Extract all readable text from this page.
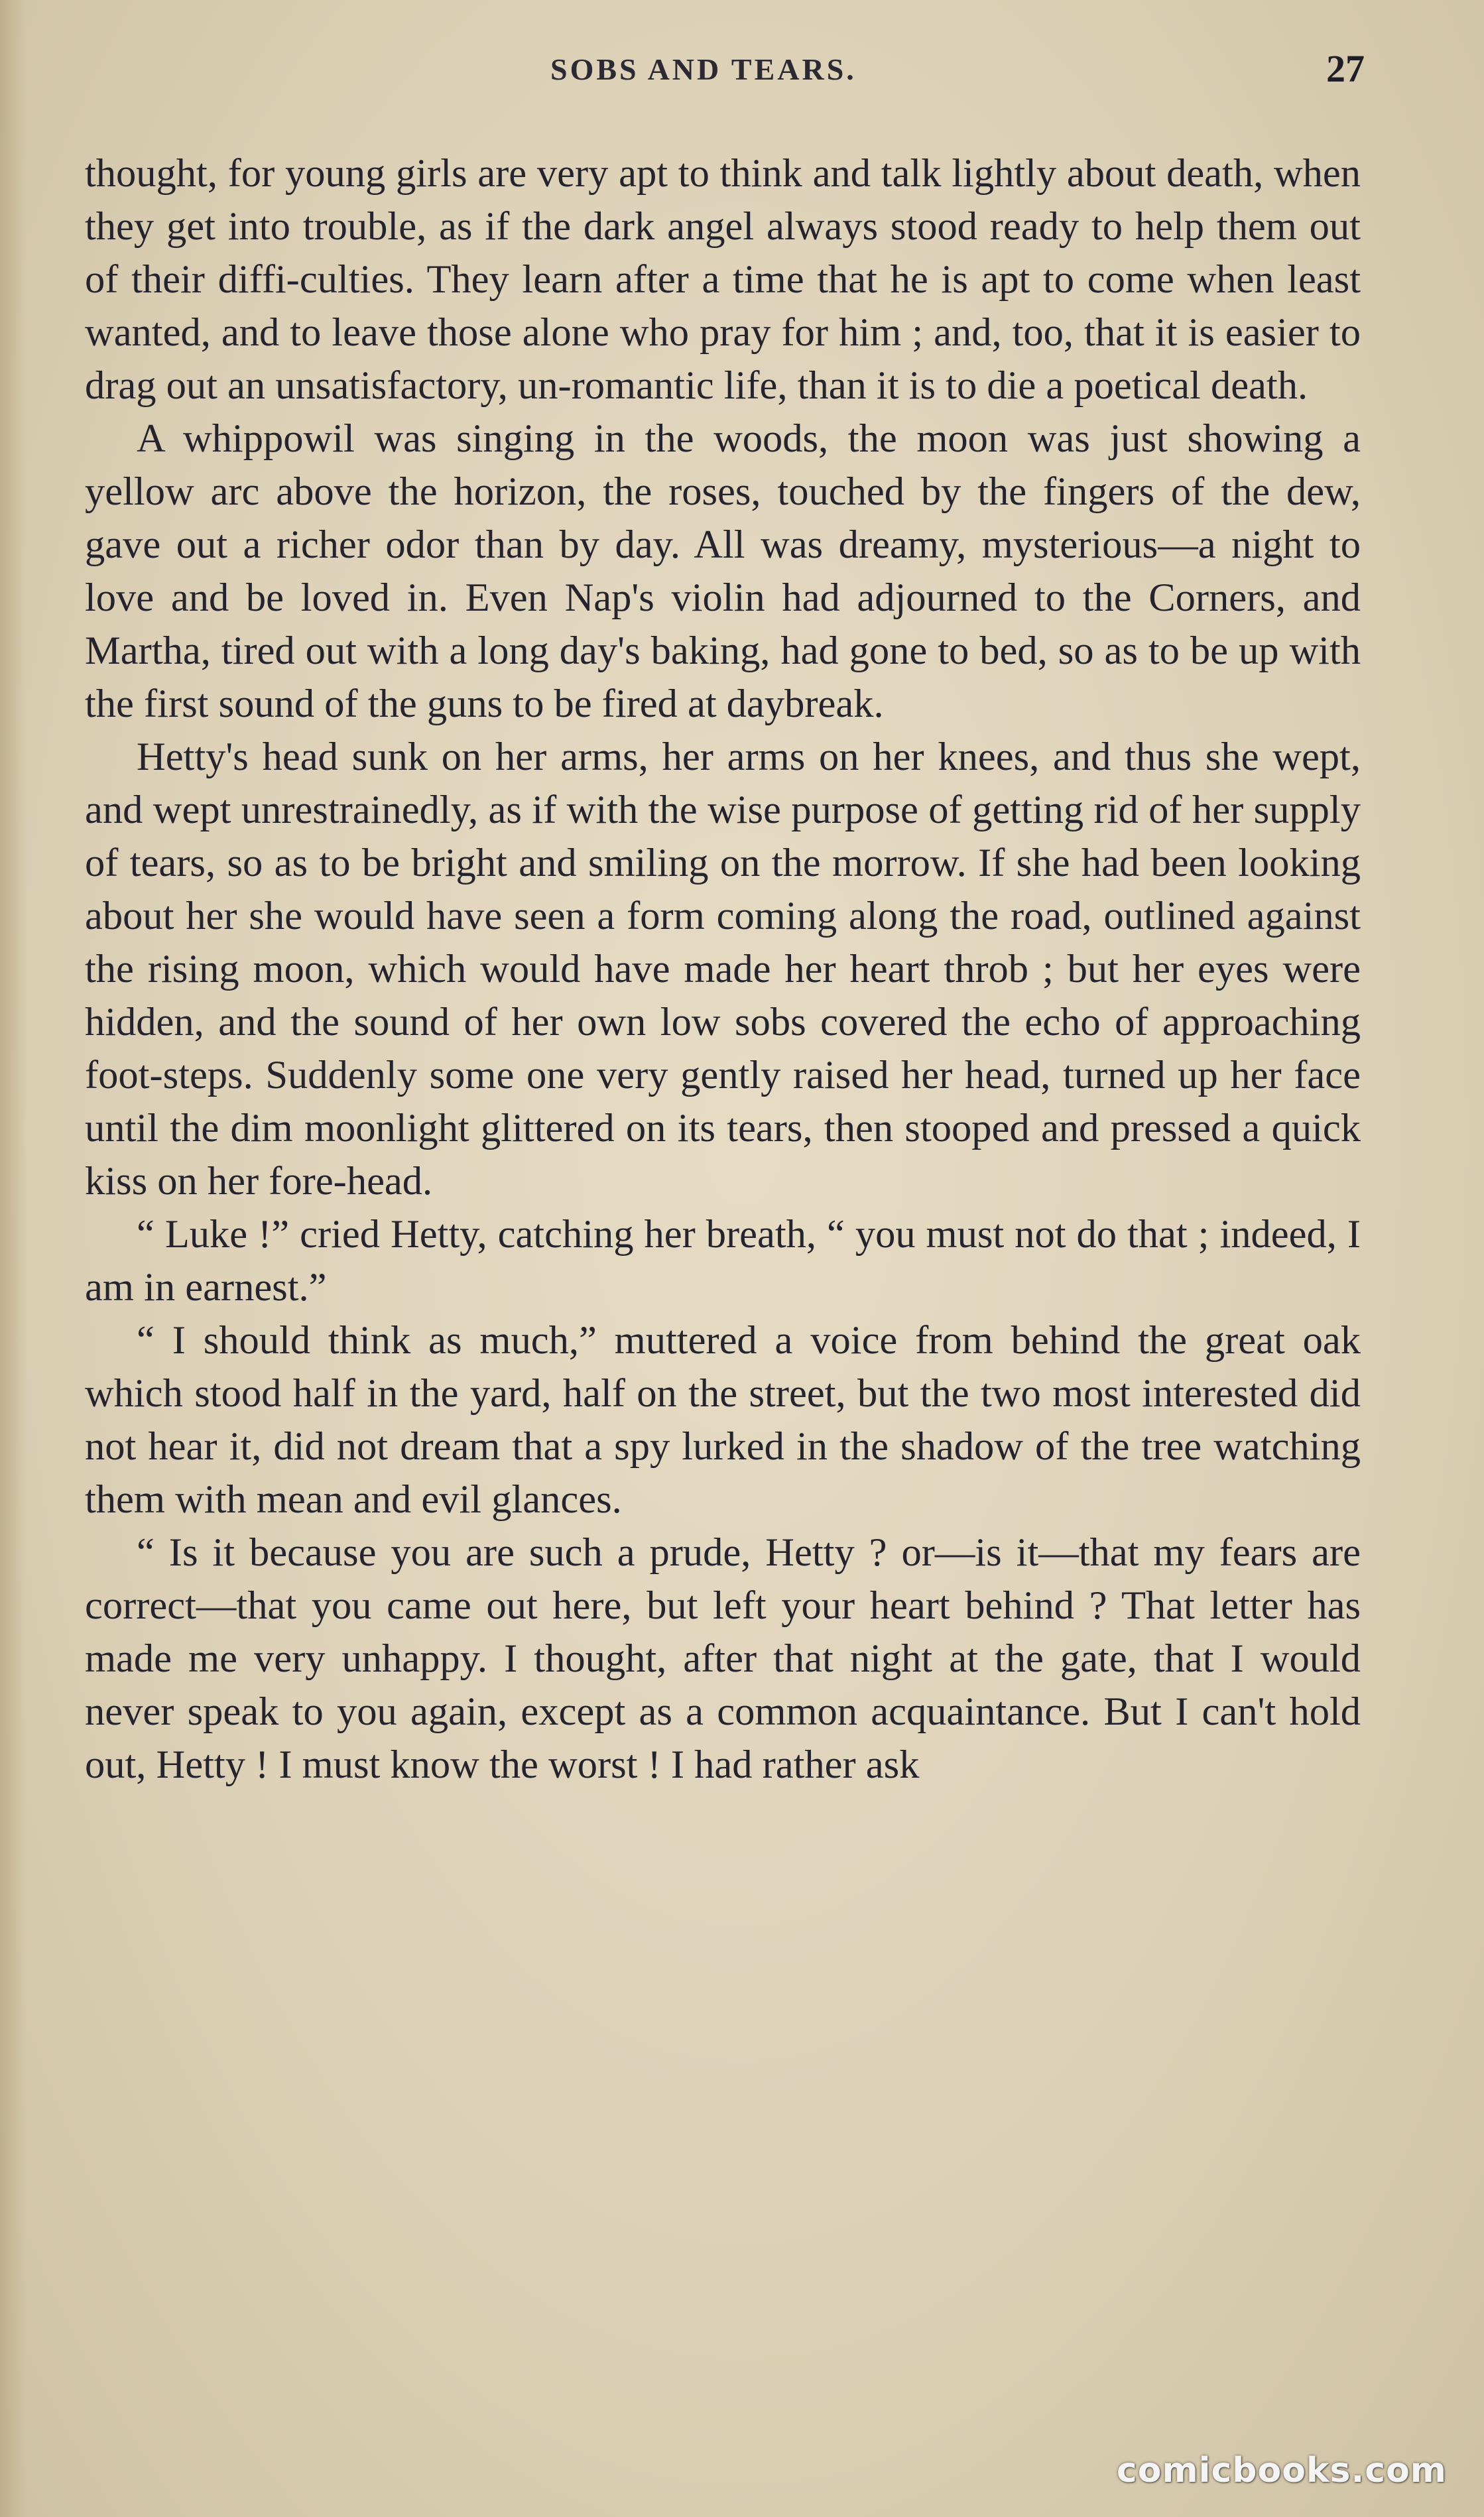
SOBS AND TEARS.	27

thought, for young girls are very apt to think and talk lightly about death, when they get into trouble, as if the dark angel always stood ready to help them out of their diffi-culties. They learn after a time that he is apt to come when least wanted, and to leave those alone who pray for him ; and, too, that it is easier to drag out an unsatisfactory, un-romantic life, than it is to die a poetical death.

A whippowil was singing in the woods, the moon was just showing a yellow arc above the horizon, the roses, touched by the fingers of the dew, gave out a richer odor than by day. All was dreamy, mysterious—a night to love and be loved in. Even Nap's violin had adjourned to the Corners, and Martha, tired out with a long day's baking, had gone to bed, so as to be up with the first sound of the guns to be fired at daybreak.

Hetty's head sunk on her arms, her arms on her knees, and thus she wept, and wept unrestrainedly, as if with the wise purpose of getting rid of her supply of tears, so as to be bright and smiling on the morrow. If she had been looking about her she would have seen a form coming along the road, outlined against the rising moon, which would have made her heart throb ; but her eyes were hidden, and the sound of her own low sobs covered the echo of approaching foot-steps. Suddenly some one very gently raised her head, turned up her face until the dim moonlight glittered on its tears, then stooped and pressed a quick kiss on her fore-head.

“ Luke !” cried Hetty, catching her breath, “ you must not do that ; indeed, I am in earnest.”

“ I should think as much,” muttered a voice from behind the great oak which stood half in the yard, half on the street, but the two most interested did not hear it, did not dream that a spy lurked in the shadow of the tree watching them with mean and evil glances.

“ Is it because you are such a prude, Hetty ? or—is it—that my fears are correct—that you came out here, but left your heart behind ? That letter has made me very unhappy. I thought, after that night at the gate, that I would never speak to you again, except as a common acquaintance. But I can't hold out, Hetty ! I must know the worst ! I had rather ask

comicbooks.com
